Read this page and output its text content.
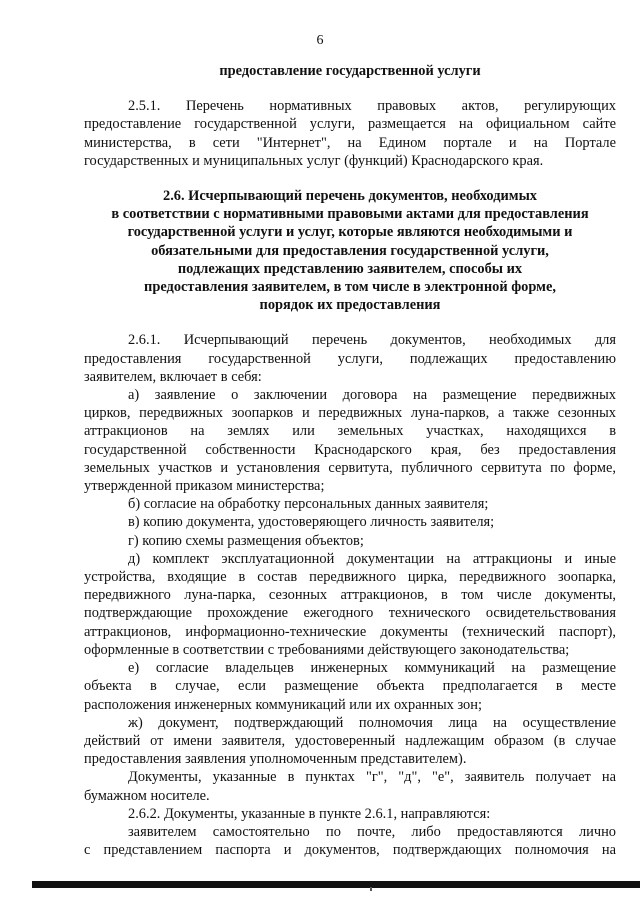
6

предоставление государственной услуги

2.5.1. Перечень нормативных правовых актов, регулирующих

предоставление государственной услуги, размещается на официальном сайте

министерства, в сети "Интернет", на Едином портале и на Портале

государственных и муниципальных услуг (функций) Краснодарского края.

2.6. Исчерпывающий перечень документов, необходимых

в соответствии с нормативными правовыми актами для предоставления

государственной услуги и услуг, которые являются необходимыми и

обязательными для предоставления государственной услуги,

подлежащих представлению заявителем, способы их

предоставления заявителем, в том числе в электронной форме,

порядок их предоставления

2.6.1. Исчерпывающий перечень документов, необходимых для

предоставления государственной услуги, подлежащих предоставлению

заявителем, включает в себя:

а) заявление о заключении договора на размещение передвижных

цирков, передвижных зоопарков и передвижных луна-парков, а также сезонных

аттракционов на землях или земельных участках, находящихся в

государственной собственности Краснодарского края, без предоставления

земельных участков и установления сервитута, публичного сервитута по форме,

утвержденной приказом министерства;

б) согласие на обработку персональных данных заявителя;

в) копию документа, удостоверяющего личность заявителя;

г) копию схемы размещения объектов;

д) комплект эксплуатационной документации на аттракционы и иные

устройства, входящие в состав передвижного цирка, передвижного зоопарка,

передвижного луна-парка, сезонных аттракционов, в том числе документы,

подтверждающие прохождение ежегодного технического освидетельствования

аттракционов, информационно-технические документы (технический паспорт),

оформленные в соответствии с требованиями действующего законодательства;

е) согласие владельцев инженерных коммуникаций на размещение

объекта в случае, если размещение объекта предполагается в месте

расположения инженерных коммуникаций или их охранных зон;

ж) документ, подтверждающий полномочия лица на осуществление

действий от имени заявителя, удостоверенный надлежащим образом (в случае

предоставления заявления уполномоченным представителем).

Документы, указанные в пунктах "г", "д", "е", заявитель получает на

бумажном носителе.

2.6.2. Документы, указанные в пункте 2.6.1, направляются:

заявителем самостоятельно по почте, либо предоставляются лично

с представлением паспорта и документов, подтверждающих полномочия на
